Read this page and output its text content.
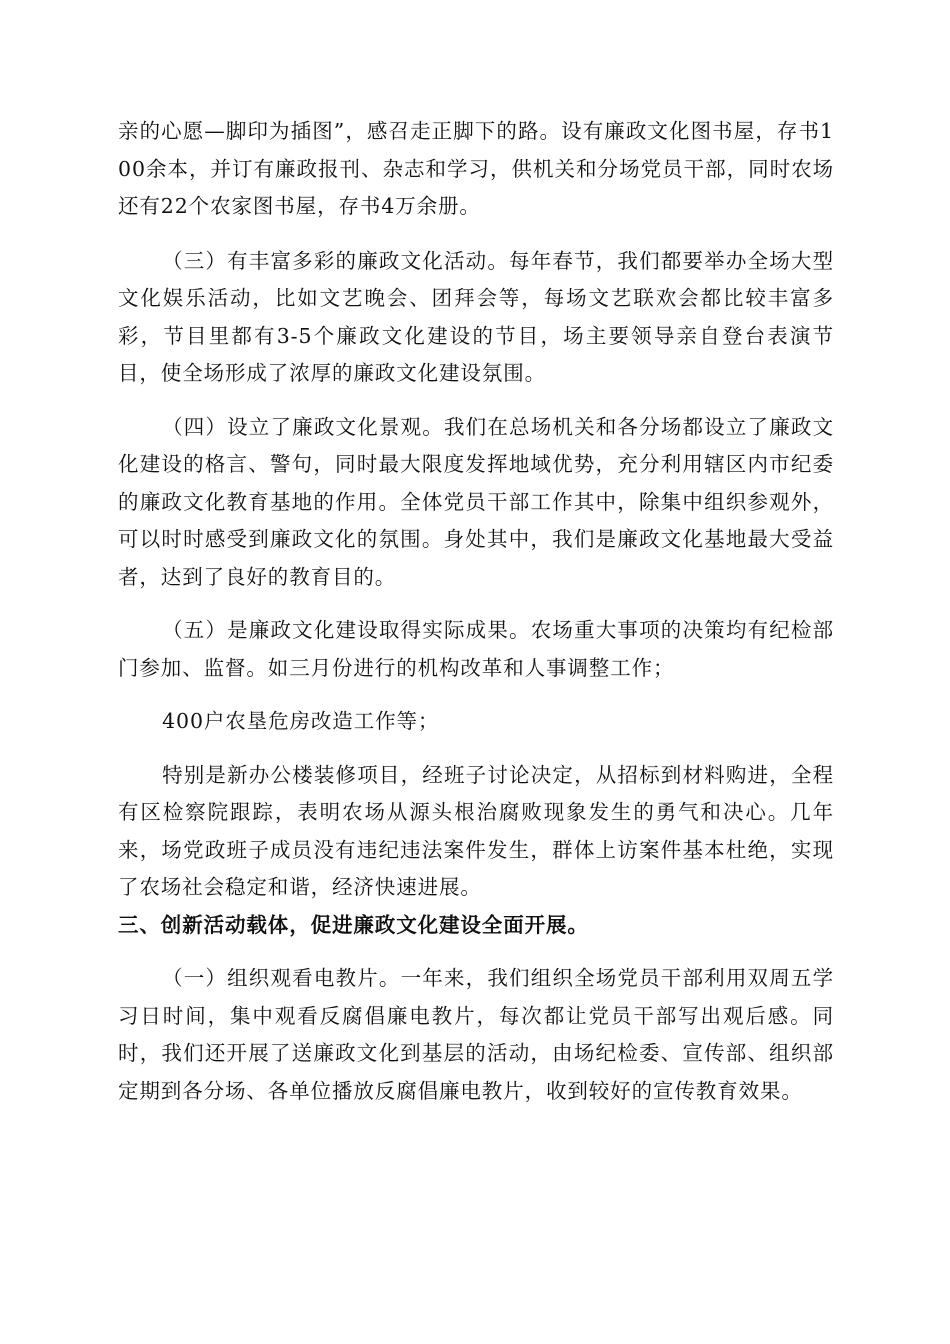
亲的心愿—脚印为插图”，感召走正脚下的路。设有廉政文化图书屋，存书100余本，并订有廉政报刊、杂志和学习，供机关和分场党员干部，同时农场还有22个农家图书屋，存书4万余册。

（三）有丰富多彩的廉政文化活动。每年春节，我们都要举办全场大型文化娱乐活动，比如文艺晚会、团拜会等，每场文艺联欢会都比较丰富多彩，节目里都有3-5个廉政文化建设的节目，场主要领导亲自登台表演节目，使全场形成了浓厚的廉政文化建设氛围。

（四）设立了廉政文化景观。我们在总场机关和各分场都设立了廉政文化建设的格言、警句，同时最大限度发挥地域优势，充分利用辖区内市纪委的廉政文化教育基地的作用。全体党员干部工作其中，除集中组织参观外，可以时时感受到廉政文化的氛围。身处其中，我们是廉政文化基地最大受益者，达到了良好的教育目的。

（五）是廉政文化建设取得实际成果。农场重大事项的决策均有纪检部门参加、监督。如三月份进行的机构改革和人事调整工作；

400户农垦危房改造工作等；

特别是新办公楼装修项目，经班子讨论决定，从招标到材料购进，全程有区检察院跟踪，表明农场从源头根治腐败现象发生的勇气和决心。几年来，场党政班子成员没有违纪违法案件发生，群体上访案件基本杜绝，实现了农场社会稳定和谐，经济快速进展。

三、创新活动载体，促进廉政文化建设全面开展。

（一）组织观看电教片。一年来，我们组织全场党员干部利用双周五学习日时间，集中观看反腐倡廉电教片，每次都让党员干部写出观后感。同时，我们还开展了送廉政文化到基层的活动，由场纪检委、宣传部、组织部定期到各分场、各单位播放反腐倡廉电教片，收到较好的宣传教育效果。
